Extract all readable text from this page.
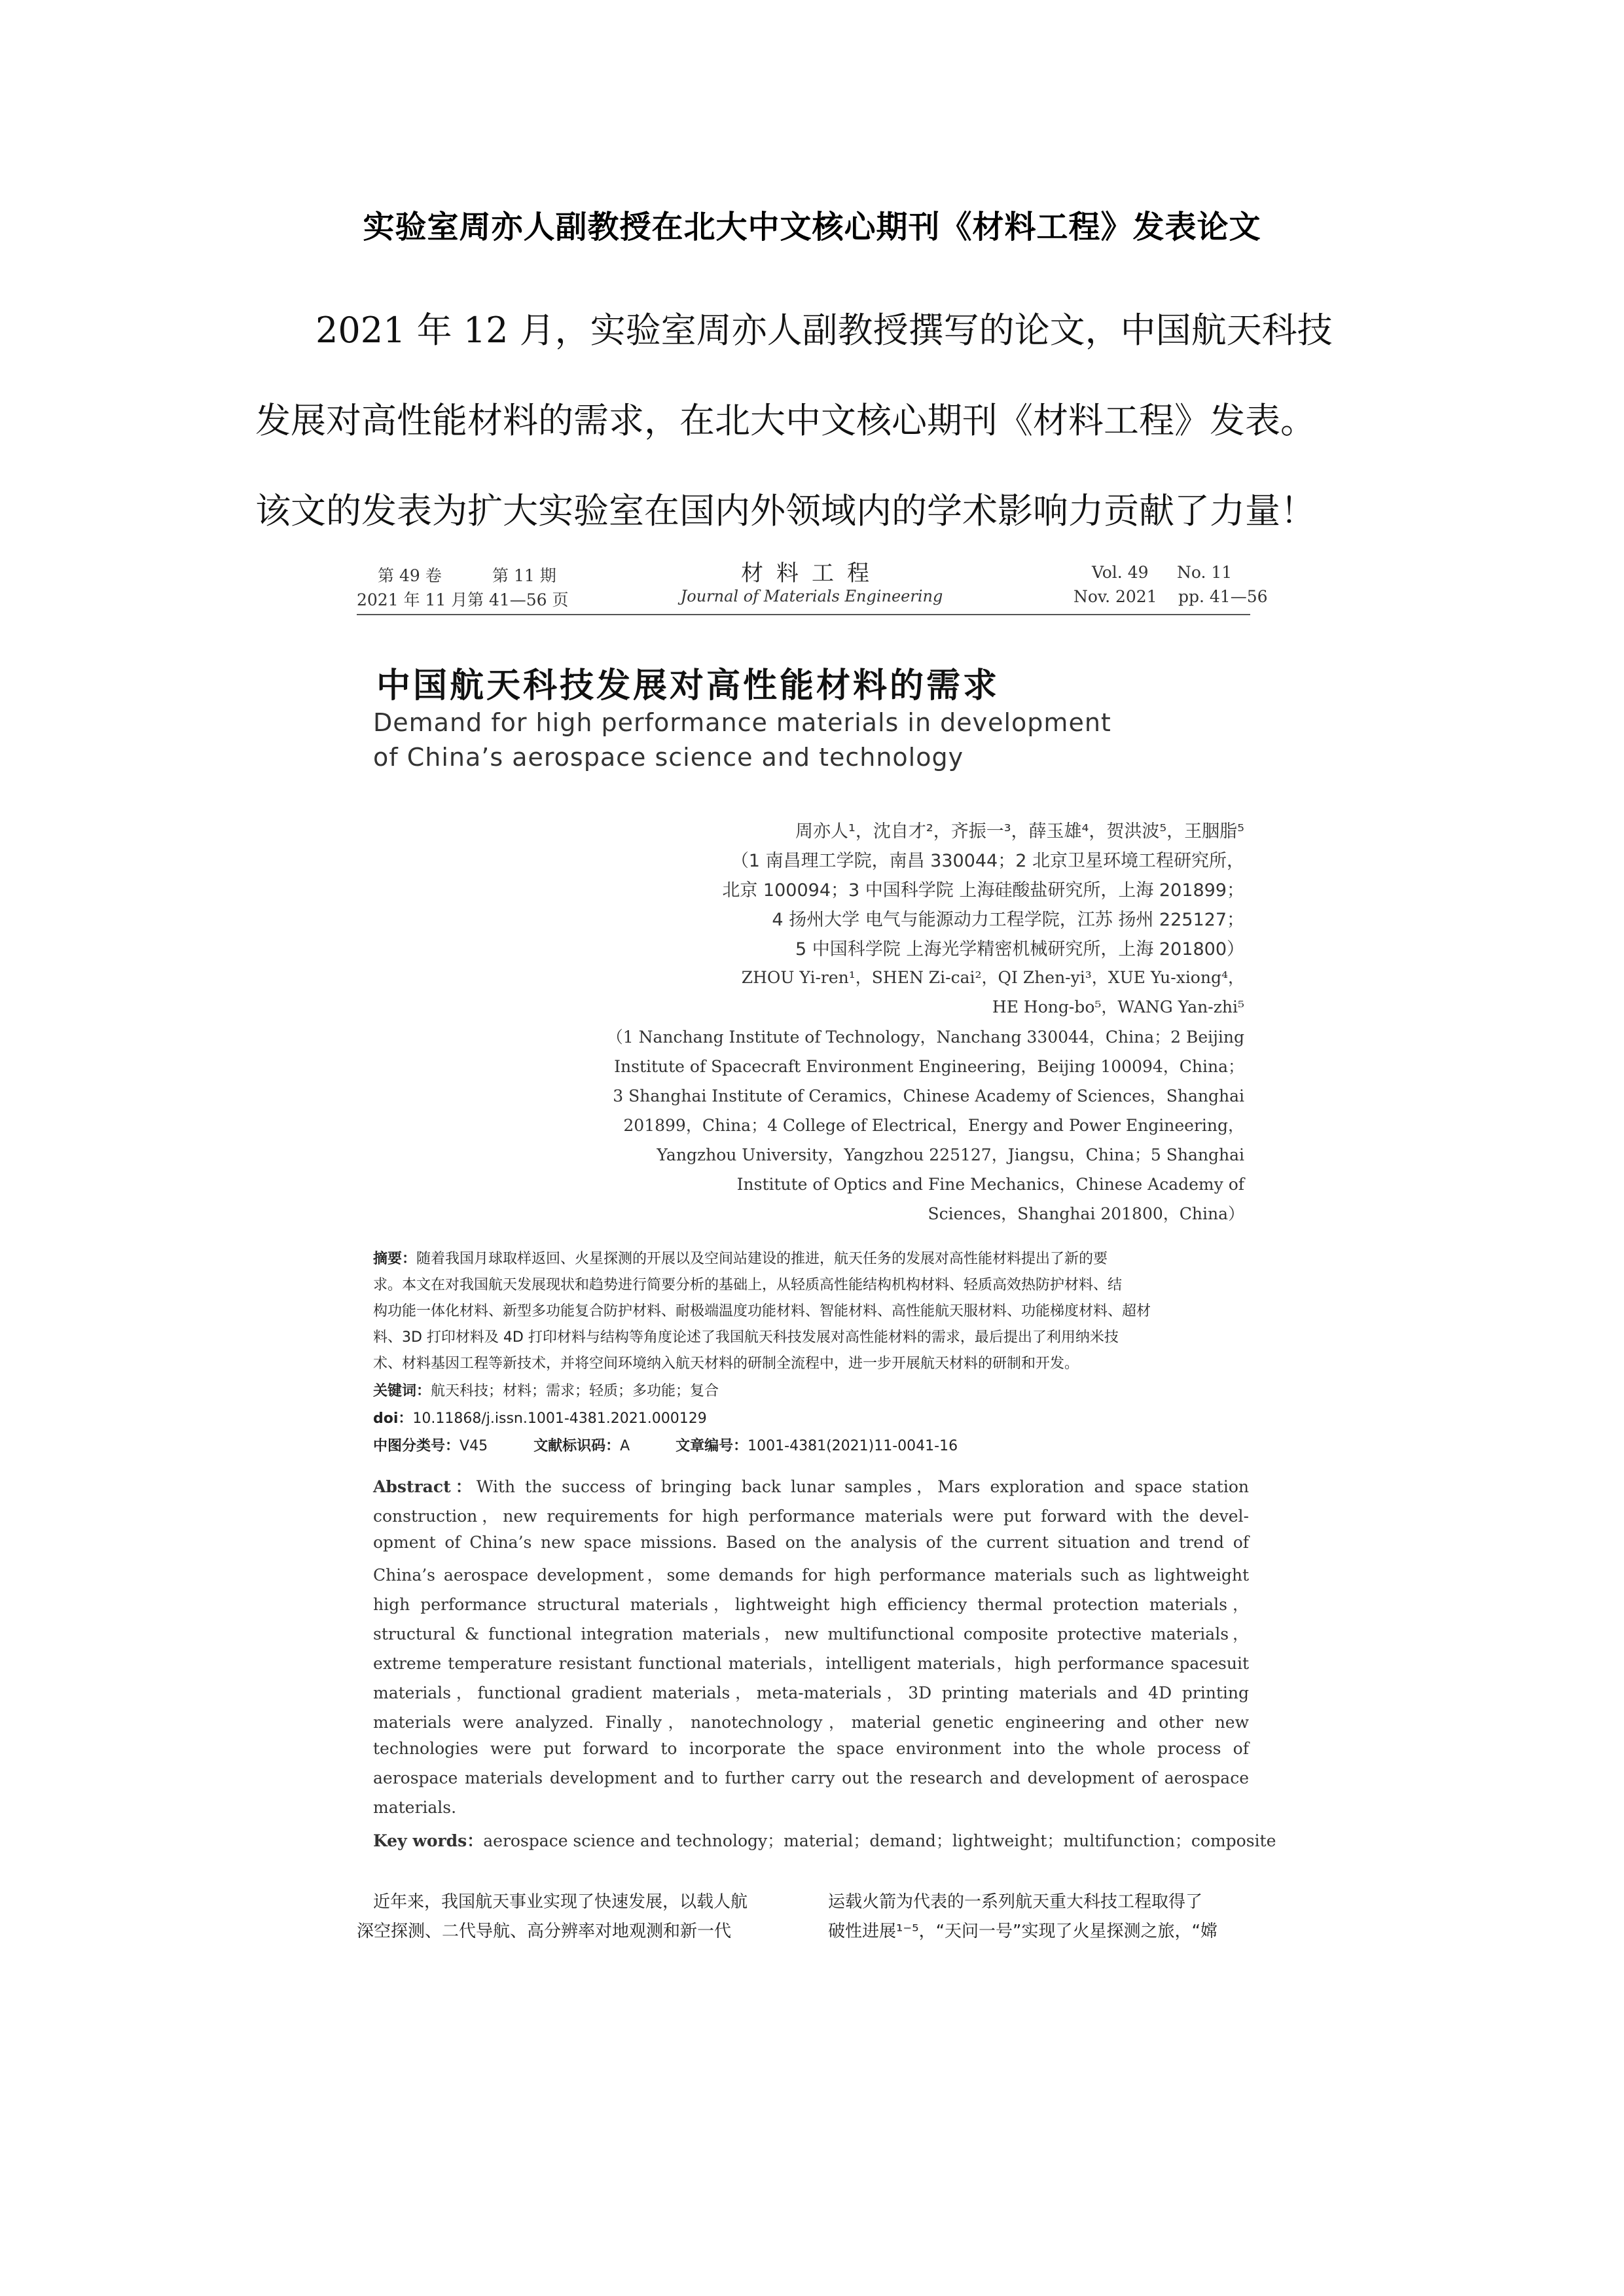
实验室周亦人副教授在北大中文核心期刊《材料工程》发表论文
2021 年 12 月，实验室周亦人副教授撰写的论文，中国航天科技
发展对高性能材料的需求，在北大中文核心期刊《材料工程》发表。
该文的发表为扩大实验室在国内外领域内的学术影响力贡献了力量！
第 49 卷	第 11 期
2021 年 11 月 第 41—56 页
材料工程
Journal of Materials Engineering
Vol. 49 No. 11
Nov. 2021 pp. 41—56
中国航天科技发展对高性能材料的需求
Demand for high performance materials in development
of China’s aerospace science and technology
周亦人¹，沈自才²，齐振一³，薛玉雄⁴，贺洪波⁵，王胭脂⁵
（1 南昌理工学院，南昌 330044；2 北京卫星环境工程研究所，
北京 100094；3 中国科学院 上海硅酸盐研究所，上海 201899；
4 扬州大学 电气与能源动力工程学院，江苏 扬州 225127；
5 中国科学院 上海光学精密机械研究所，上海 201800）
ZHOU Yi-ren¹，SHEN Zi-cai²，QI Zhen-yi³，XUE Yu-xiong⁴，
HE Hong-bo⁵，WANG Yan-zhi⁵
（1 Nanchang Institute of Technology，Nanchang 330044，China；2 Beijing
Institute of Spacecraft Environment Engineering，Beijing 100094，China；
3 Shanghai Institute of Ceramics，Chinese Academy of Sciences，Shanghai
201899，China；4 College of Electrical，Energy and Power Engineering，
Yangzhou University，Yangzhou 225127，Jiangsu，China；5 Shanghai
Institute of Optics and Fine Mechanics，Chinese Academy of
Sciences，Shanghai 201800，China）
摘要：随着我国月球取样返回、火星探测的开展以及空间站建设的推进，航天任务的发展对高性能材料提出了新的要
求。本文在对我国航天发展现状和趋势进行简要分析的基础上，从轻质高性能结构机构材料、轻质高效热防护材料、结
构功能一体化材料、新型多功能复合防护材料、耐极端温度功能材料、智能材料、高性能航天服材料、功能梯度材料、超材
料、3D 打印材料及 4D 打印材料与结构等角度论述了我国航天科技发展对高性能材料的需求，最后提出了利用纳米技
术、材料基因工程等新技术，并将空间环境纳入航天材料的研制全流程中，进一步开展航天材料的研制和开发。
关键词：航天科技；材料；需求；轻质；多功能；复合
doi：10.11868/j.issn.1001-4381.2021.000129
中图分类号：V45	文献标识码：A	文章编号：1001-4381(2021)11-0041-16
Abstract：With the success of bringing back lunar samples，Mars exploration and space station
construction，new requirements for high performance materials were put forward with the devel-
opment of China’s new space missions. Based on the analysis of the current situation and trend of
China’s aerospace development，some demands for high performance materials such as lightweight
high performance structural materials，lightweight high efficiency thermal protection materials，
structural & functional integration materials，new multifunctional composite protective materials，
extreme temperature resistant functional materials，intelligent materials，high performance spacesuit
materials，functional gradient materials，meta-materials，3D printing materials and 4D printing
materials were analyzed. Finally，nanotechnology，material genetic engineering and other new
technologies were put forward to incorporate the space environment into the whole process of
aerospace materials development and to further carry out the research and development of aerospace
materials.
Key words：aerospace science and technology；material；demand；lightweight；multifunction；composite
近年来，我国航天事业实现了快速发展，以载人航
深空探测、二代导航、高分辨率对地观测和新一代
运载火箭为代表的一系列航天重大科技工程取得了
破性进展¹⁻⁵，“天问一号”实现了火星探测之旅，“嫦
